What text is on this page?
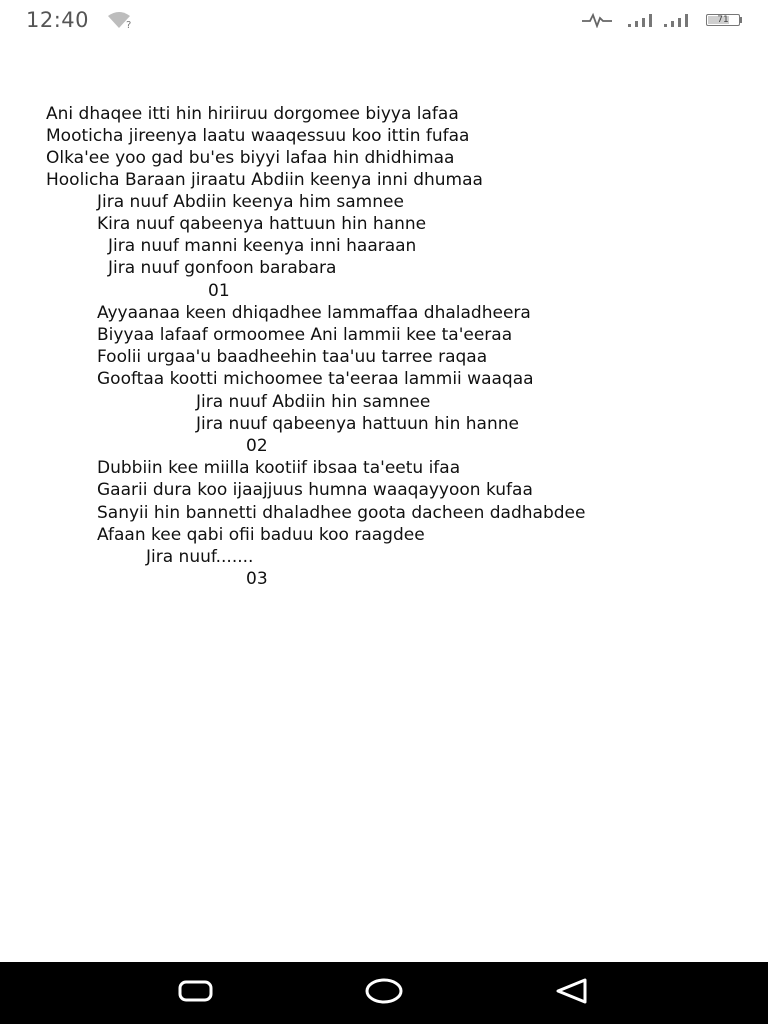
12:40	?	71
Ani dhaqee itti hin hiriiruu dorgomee biyya lafaa
Mooticha jireenya laatu waaqessuu koo ittin fufaa
Olka'ee yoo gad bu'es biyyi lafaa hin dhidhimaa
Hoolicha Baraan jiraatu Abdiin keenya inni dhumaa
Jira nuuf Abdiin keenya him samnee
Kira nuuf qabeenya hattuun hin hanne
Jira nuuf manni keenya inni haaraan
Jira nuuf gonfoon barabara
01
Ayyaanaa keen dhiqadhee lammaffaa dhaladheera
Biyyaa lafaaf ormoomee Ani lammii kee ta'eeraa
Foolii urgaa'u baadheehin taa'uu tarree raqaa
Gooftaa kootti michoomee ta'eeraa lammii waaqaa
Jira nuuf Abdiin hin samnee
Jira nuuf qabeenya hattuun hin hanne
02
Dubbiin kee miilla kootiif ibsaa ta'eetu ifaa
Gaarii dura koo ijaajjuus humna waaqayyoon kufaa
Sanyii hin bannetti dhaladhee goota dacheen dadhabdee
Afaan kee qabi ofii baduu koo raagdee
Jira nuuf.......
03
